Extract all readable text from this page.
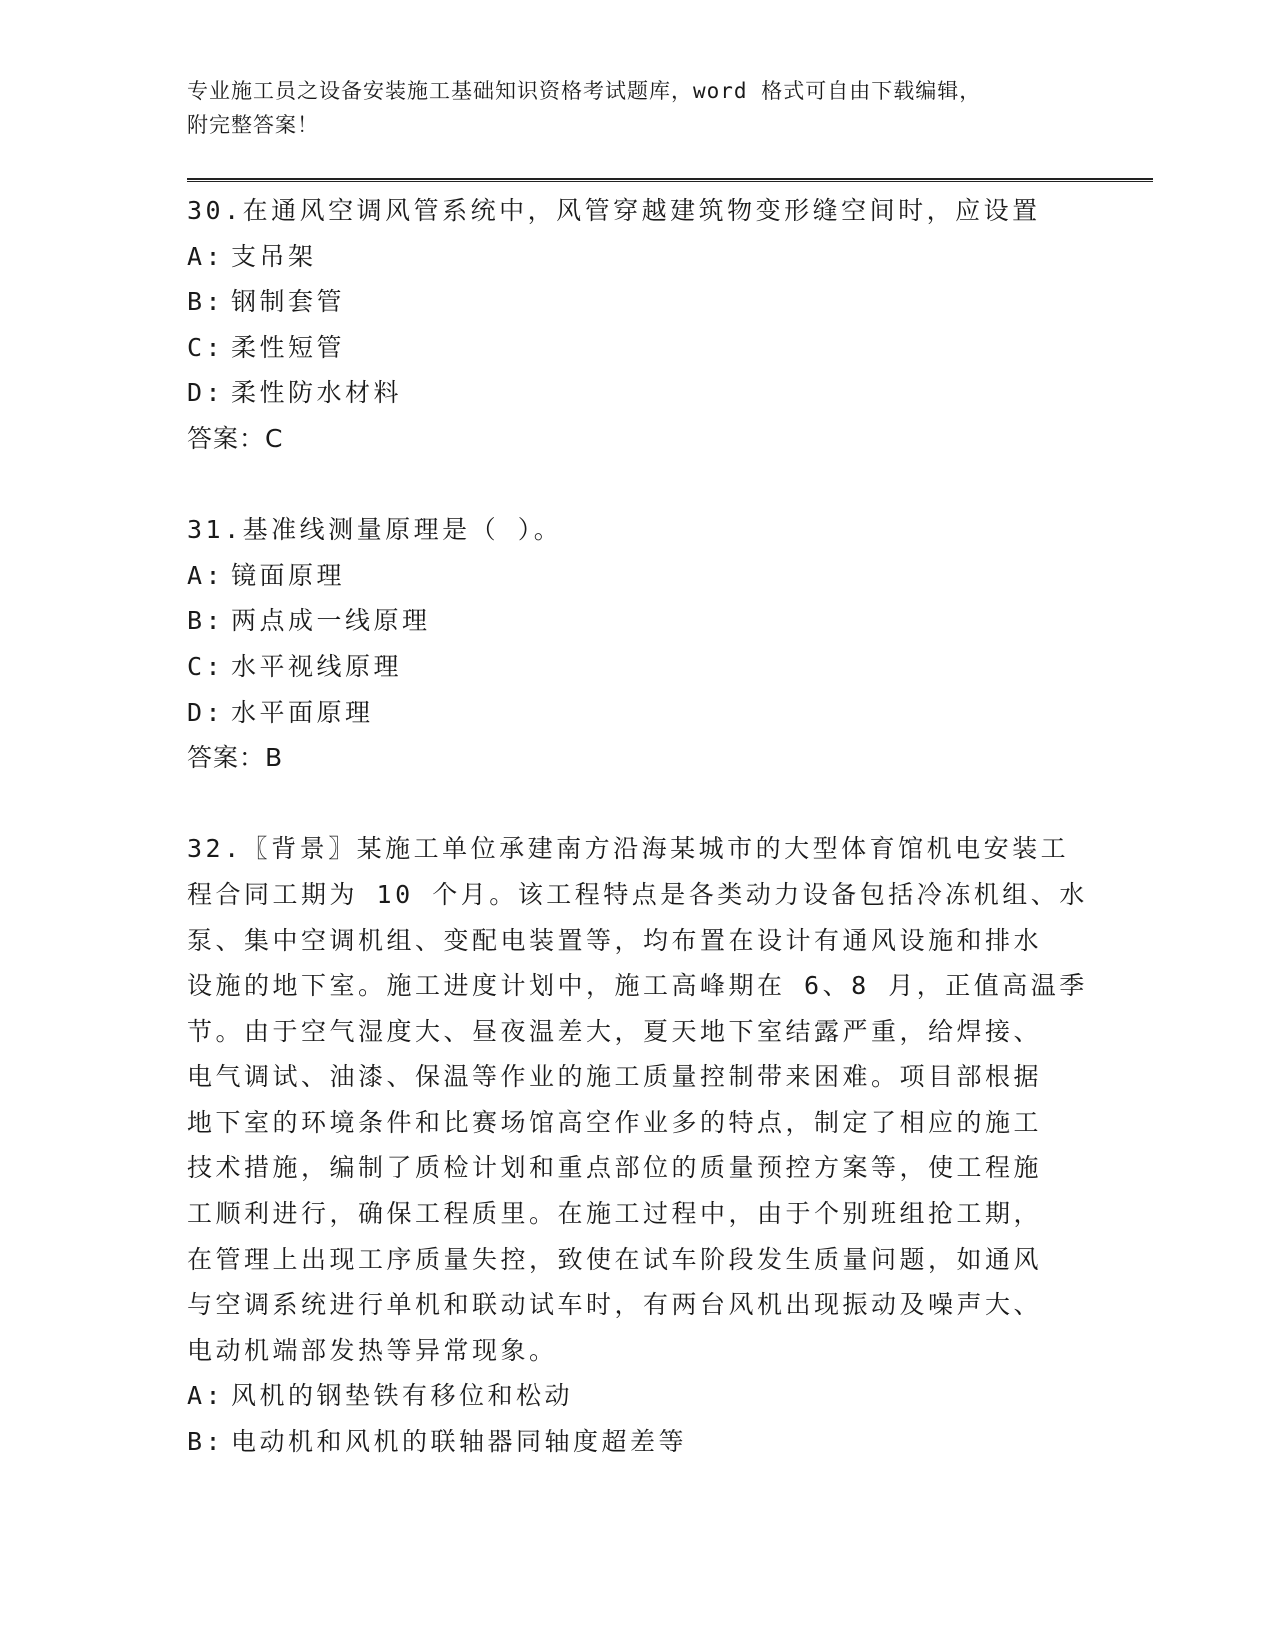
专业施工员之设备安装施工基础知识资格考试题库，word 格式可自由下载编辑，
附完整答案！
30.在通风空调风管系统中，风管穿越建筑物变形缝空间时，应设置
A: 支吊架
B: 钢制套管
C: 柔性短管
D: 柔性防水材料
答案：C
31.基准线测量原理是（ ）。
A: 镜面原理
B: 两点成一线原理
C: 水平视线原理
D: 水平面原理
答案：B
32.〖背景〗某施工单位承建南方沿海某城市的大型体育馆机电安装工
程合同工期为 10 个月。该工程特点是各类动力设备包括冷冻机组、水
泵、集中空调机组、变配电装置等，均布置在设计有通风设施和排水
设施的地下室。施工进度计划中，施工高峰期在 6、8 月，正值高温季
节。由于空气湿度大、昼夜温差大，夏天地下室结露严重，给焊接、
电气调试、油漆、保温等作业的施工质量控制带来困难。项目部根据
地下室的环境条件和比赛场馆高空作业多的特点，制定了相应的施工
技术措施，编制了质检计划和重点部位的质量预控方案等，使工程施
工顺利进行，确保工程质里。在施工过程中，由于个别班组抢工期，
在管理上出现工序质量失控，致使在试车阶段发生质量问题，如通风
与空调系统进行单机和联动试车时，有两台风机出现振动及噪声大、
电动机端部发热等异常现象。
A: 风机的钢垫铁有移位和松动
B: 电动机和风机的联轴器同轴度超差等
